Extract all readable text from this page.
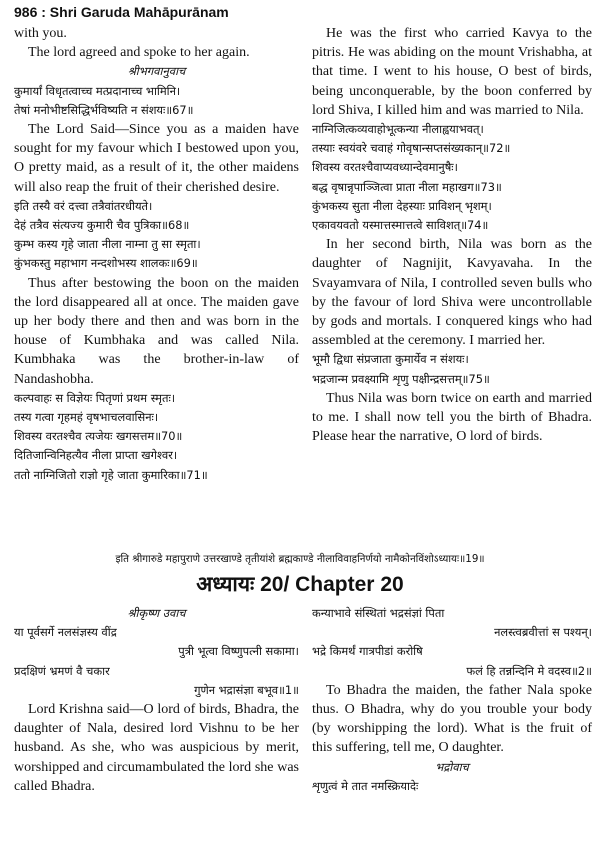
986 : Shri Garuda Mahāpurānam

with you.

The lord agreed and spoke to her again.

श्रीभगवानुवाच

कुमार्यां विधृतत्वाच्च मत्प्रदानाच्च भामिनि।

तेषां मनोभीष्टसिद्धिर्भविष्यति न संशयः॥67॥

The Lord Said—Since you as a maiden have sought for my favour which I bestowed upon you, O pretty maid, as a result of it, the other maidens will also reap the fruit of their cherished desire.

इति तस्यै वरं दत्त्वा तत्रैवांतरधीयते।

देहं तत्रैव संत्यज्य कुमारी चैव पुत्रिका॥68॥

कुम्भ कस्य गृहे जाता नीला नाम्ना तु सा स्मृता।

कुंभकस्तु महाभाग नन्दशोभस्य शालकः॥69॥

Thus after bestowing the boon on the maiden the lord disappeared all at once. The maiden gave up her body there and then and was born in the house of Kumbhaka and was called Nila. Kumbhaka was the brother-in-law of Nandashobha.

कल्पवाहः स विज्ञेयः पितृणां प्रथम स्मृतः।

तस्य गत्वा गृहमहं वृषभाचलवासिनः।

शिवस्य वरतश्चैव त्यजेयः खगसत्तम॥70॥

दितिजान्विनिहत्यैव नीला प्राप्ता खगेश्वर।

ततो नाग्निजितो राज्ञो गृहे जाता कुमारिका॥71॥

He was the first who carried Kavya to the pitris. He was abiding on the mount Vrishabha, at that time. I went to his house, O best of birds, being unconquerable, by the boon conferred by lord Shiva, I killed him and was married to Nila.

नाग्निजित्कव्यवाहोभूत्कन्या नीलाह्वयाभवत्।

तस्याः स्वयंवरे चवाहं गोवृषान्सप्तसंख्यकान्॥72॥

शिवस्य वरतश्चैवाप्यवध्यान्देवमानुषैः।

बद्ध वृषान्नृपाञ्जित्वा प्राता नीला महाखग॥73॥

कुंभकस्य सुता नीला देहस्याः प्राविशन् भृशम्।

एकावयवतो यस्मात्तस्मात्तत्वे साविशत्॥74॥

In her second birth, Nila was born as the daughter of Nagnijit, Kavyavaha. In the Svayamvara of Nila, I controlled seven bulls who by the favour of lord Shiva were uncontrollable by gods and mortals. I conquered kings who had assembled at the ceremony. I married her.

भूमौ द्विधा संप्रजाता कुमार्येव न संशयः।

भद्रजान्म प्रवक्ष्यामि शृणु पक्षीन्द्रसत्तम्॥75॥

Thus Nila was born twice on earth and married to me. I shall now tell you the birth of Bhadra. Please hear the narrative, O lord of birds.

इति श्रीगारुडे महापुराणे उत्तरखाण्डे तृतीयांशे ब्रह्मकाण्डे नीलाविवाहनिर्णयो नामैकोनविंशोऽध्यायः॥19॥
अध्यायः 20/ Chapter 20

श्रीकृष्ण उवाच

या पूर्वसर्गे नलसंज्ञस्य वींद्र

पुत्री भूत्वा विष्णुपत्नी सकामा।

प्रदक्षिणं भ्रमणं वै चकार

गुणेन भद्रासंज्ञा बभूव॥1॥

Lord Krishna said—O lord of birds, Bhadra, the daughter of Nala, desired lord Vishnu to be her husband. As she, who was auspicious by merit, worshipped and circumambulated the lord she was called Bhadra.

कन्याभावे संस्थितां भद्रसंज्ञां पिता

नलस्त्वब्रवीत्तां स पश्यन्।

भद्रे किमर्थं गात्रपीडां करोषि

फलं हि तन्नन्दिनि मे वदस्व॥2॥

To Bhadra the maiden, the father Nala spoke thus. O Bhadra, why do you trouble your body (by worshipping the lord). What is the fruit of this suffering, tell me, O daughter.

भद्रोवाच

शृणुत्वं मे तात नमस्क्रियादेः
